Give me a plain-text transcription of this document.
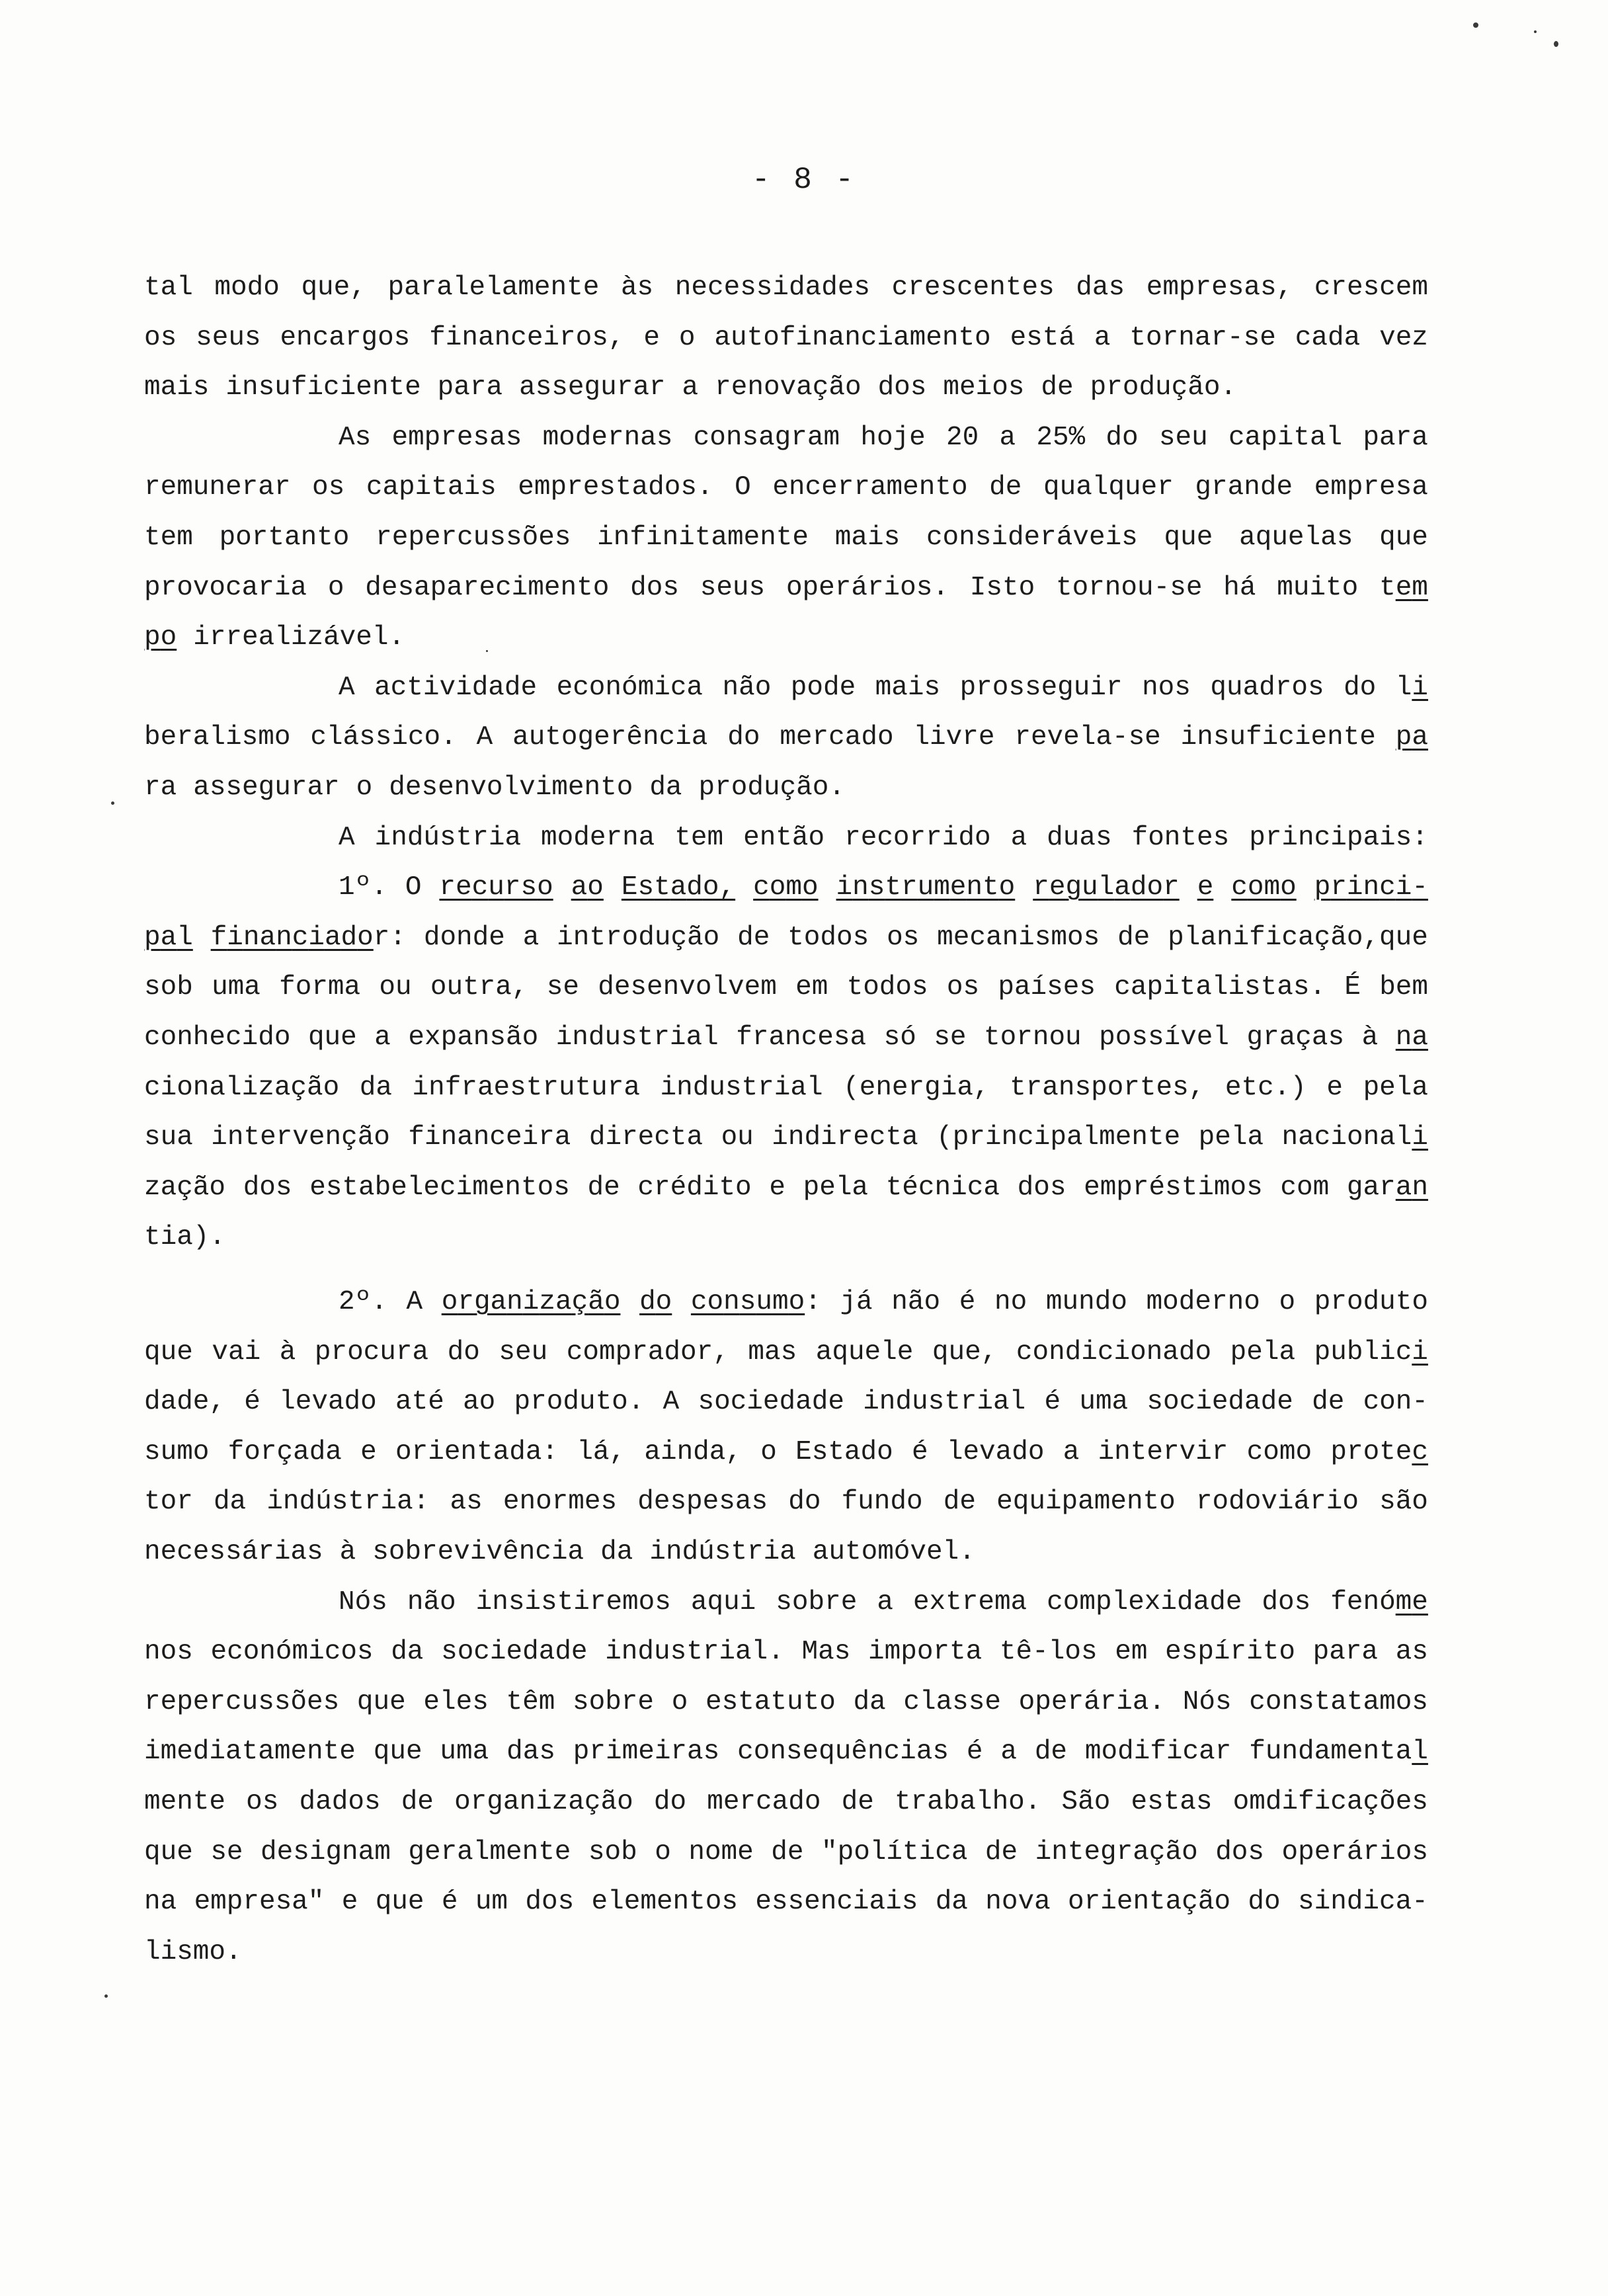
- 8 -
tal modo que, paralelamente às necessidades crescentes das empresas, crescem
os seus encargos financeiros, e o autofinanciamento está a tornar-se cada vez
mais insuficiente para assegurar a renovação dos meios de produção.
As empresas modernas consagram hoje 20 a 25% do seu capital para
remunerar os capitais emprestados. O encerramento de qualquer grande empresa
tem portanto repercussões infinitamente mais consideráveis que aquelas que
provocaria o desaparecimento dos seus operários. Isto tornou-se há muito tem
po irrealizável.
A actividade económica não pode mais prosseguir nos quadros do li
beralismo clássico. A autogerência do mercado livre revela-se insuficiente pa
ra assegurar o desenvolvimento da produção.
A indústria moderna tem então recorrido a duas fontes principais:
1º. O recurso ao Estado, como instrumento regulador e como princi-
pal financiador: donde a introdução de todos os mecanismos de planificação,que
sob uma forma ou outra, se desenvolvem em todos os países capitalistas. É bem
conhecido que a expansão industrial francesa só se tornou possível graças à na
cionalização da infraestrutura industrial (energia, transportes, etc.) e pela
sua intervenção financeira directa ou indirecta (principalmente pela nacionali
zação dos estabelecimentos de crédito e pela técnica dos empréstimos com garan
tia).
2º. A organização do consumo: já não é no mundo moderno o produto
que vai à procura do seu comprador, mas aquele que, condicionado pela publici
dade, é levado até ao produto. A sociedade industrial é uma sociedade de con-
sumo forçada e orientada: lá, ainda, o Estado é levado a intervir como protec
tor da indústria: as enormes despesas do fundo de equipamento rodoviário são
necessárias à sobrevivência da indústria automóvel.
Nós não insistiremos aqui sobre a extrema complexidade dos fenóme
nos económicos da sociedade industrial. Mas importa tê-los em espírito para as
repercussões que eles têm sobre o estatuto da classe operária. Nós constatamos
imediatamente que uma das primeiras consequências é a de modificar fundamental
mente os dados de organização do mercado de trabalho. São estas omdificações
que se designam geralmente sob o nome de "política de integração dos operários
na empresa" e que é um dos elementos essenciais da nova orientação do sindica-
lismo.
